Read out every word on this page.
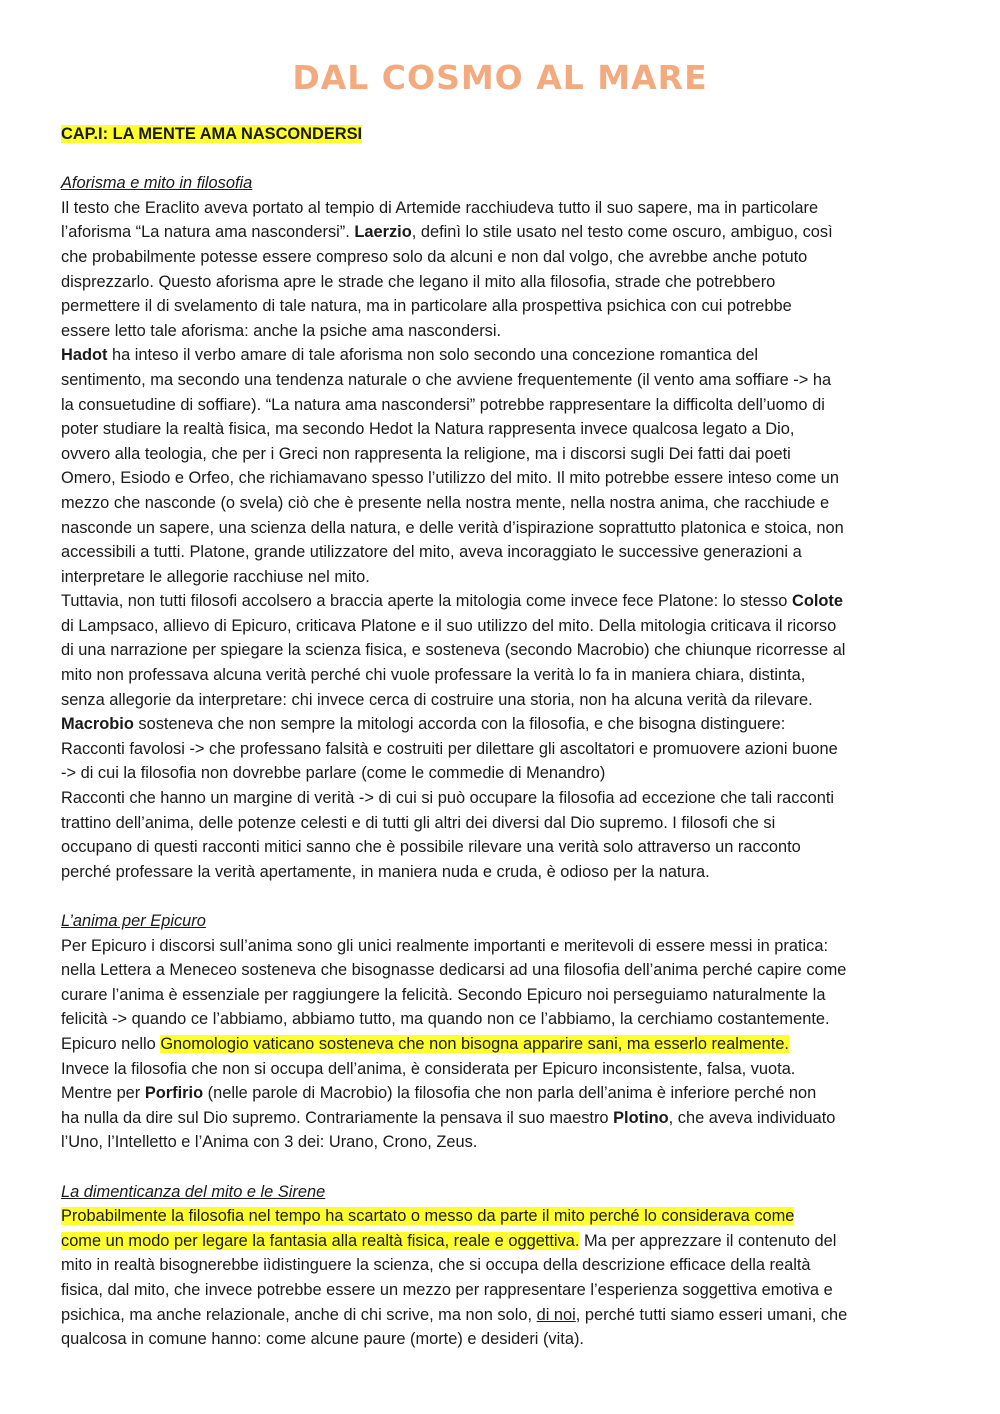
DAL COSMO AL MARE
CAP.I: LA MENTE AMA NASCONDERSI
Aforisma e mito in filosofia
Il testo che Eraclito aveva portato al tempio di Artemide racchiudeva tutto il suo sapere, ma in particolare
l’aforisma “La natura ama nascondersi”. Laerzio, definì lo stile usato nel testo come oscuro, ambiguo, così
che probabilmente potesse essere compreso solo da alcuni e non dal volgo, che avrebbe anche potuto
disprezzarlo. Questo aforisma apre le strade che legano il mito alla filosofia, strade che potrebbero
permettere il di svelamento di tale natura, ma in particolare alla prospettiva psichica con cui potrebbe
essere letto tale aforisma: anche la psiche ama nascondersi.
Hadot ha inteso il verbo amare di tale aforisma non solo secondo una concezione romantica del
sentimento, ma secondo una tendenza naturale o che avviene frequentemente (il vento ama soffiare -> ha
la consuetudine di soffiare). “La natura ama nascondersi” potrebbe rappresentare la difficolta dell’uomo di
poter studiare la realtà fisica, ma secondo Hedot la Natura rappresenta invece qualcosa legato a Dio,
ovvero alla teologia, che per i Greci non rappresenta la religione, ma i discorsi sugli Dei fatti dai poeti
Omero, Esiodo e Orfeo, che richiamavano spesso l’utilizzo del mito. Il mito potrebbe essere inteso come un
mezzo che nasconde (o svela) ciò che è presente nella nostra mente, nella nostra anima, che racchiude e
nasconde un sapere, una scienza della natura, e delle verità d’ispirazione soprattutto platonica e stoica, non
accessibili a tutti. Platone, grande utilizzatore del mito, aveva incoraggiato le successive generazioni a
interpretare le allegorie racchiuse nel mito.
Tuttavia, non tutti filosofi accolsero a braccia aperte la mitologia come invece fece Platone: lo stesso Colote
di Lampsaco, allievo di Epicuro, criticava Platone e il suo utilizzo del mito. Della mitologia criticava il ricorso
di una narrazione per spiegare la scienza fisica, e sosteneva (secondo Macrobio) che chiunque ricorresse al
mito non professava alcuna verità perché chi vuole professare la verità lo fa in maniera chiara, distinta,
senza allegorie da interpretare: chi invece cerca di costruire una storia, non ha alcuna verità da rilevare.
Macrobio sosteneva che non sempre la mitologi accorda con la filosofia, e che bisogna distinguere:
Racconti favolosi -> che professano falsità e costruiti per dilettare gli ascoltatori e promuovere azioni buone
-> di cui la filosofia non dovrebbe parlare (come le commedie di Menandro)
Racconti che hanno un margine di verità -> di cui si può occupare la filosofia ad eccezione che tali racconti
trattino dell’anima, delle potenze celesti e di tutti gli altri dei diversi dal Dio supremo. I filosofi che si
occupano di questi racconti mitici sanno che è possibile rilevare una verità solo attraverso un racconto
perché professare la verità apertamente, in maniera nuda e cruda, è odioso per la natura.
L’anima per Epicuro
Per Epicuro i discorsi sull’anima sono gli unici realmente importanti e meritevoli di essere messi in pratica:
nella Lettera a Meneceo sosteneva che bisognasse dedicarsi ad una filosofia dell’anima perché capire come
curare l’anima è essenziale per raggiungere la felicità. Secondo Epicuro noi perseguiamo naturalmente la
felicità -> quando ce l’abbiamo, abbiamo tutto, ma quando non ce l’abbiamo, la cerchiamo costantemente.
Epicuro nello Gnomologio vaticano sosteneva che non bisogna apparire sani, ma esserlo realmente.
Invece la filosofia che non si occupa dell’anima, è considerata per Epicuro inconsistente, falsa, vuota.
Mentre per Porfirio (nelle parole di Macrobio) la filosofia che non parla dell’anima è inferiore perché non
ha nulla da dire sul Dio supremo. Contrariamente la pensava il suo maestro Plotino, che aveva individuato
l’Uno, l’Intelletto e l’Anima con 3 dei: Urano, Crono, Zeus.
La dimenticanza del mito e le Sirene
Probabilmente la filosofia nel tempo ha scartato o messo da parte il mito perché lo considerava come
come un modo per legare la fantasia alla realtà fisica, reale e oggettiva. Ma per apprezzare il contenuto del
mito in realtà bisognerebbe iìdistinguere la scienza, che si occupa della descrizione efficace della realtà
fisica, dal mito, che invece potrebbe essere un mezzo per rappresentare l’esperienza soggettiva emotiva e
psichica, ma anche relazionale, anche di chi scrive, ma non solo, di noi, perché tutti siamo esseri umani, che
qualcosa in comune hanno: come alcune paure (morte) e desideri (vita).
